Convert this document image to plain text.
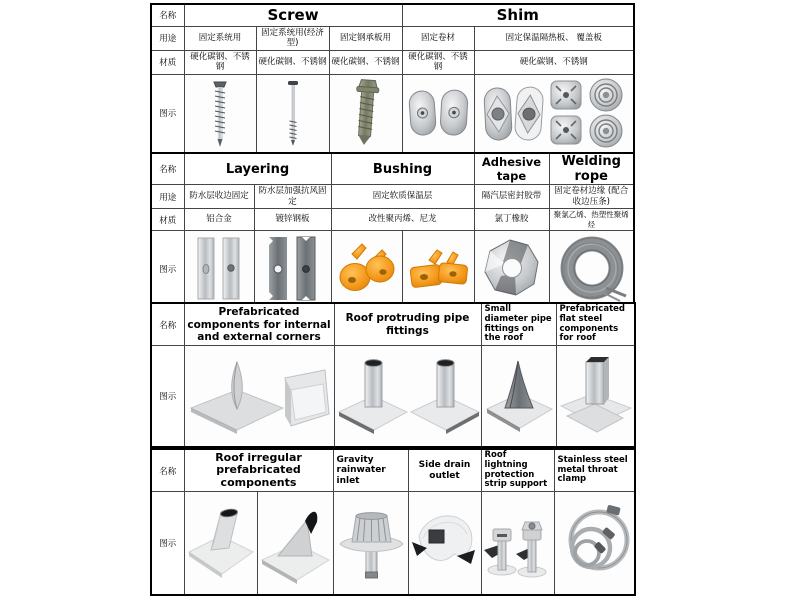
名称	Screw			Shim	
用途	固定系统用	固定系统用(经济型)	固定钢承板用	固定卷材	固定保温隔热板、 覆盖板
材质	硬化碳钢、不锈钢	硬化碳钢、不锈钢	硬化碳钢、不锈钢	硬化碳钢、不锈钢	硬化碳钢、不锈钢
图示	

名称	Layering		Bushing		Adhesive tape	Welding rope
用途	防水层收边固定	防水层加强抗风固定	固定软质保温层		隔汽层密封胶带	固定卷材边缘 (配合收边压条)
材质	铝合金	镀锌钢板	改性聚丙烯、尼龙		氯丁橡胶	聚氯乙烯、热塑性聚烯烃
图示	

名称	Prefabricated components for internal and external corners	Roof protruding pipe fittings	Small diameter pipe fittings on the roof	Prefabricated flat steel components for roof
图示	

名称	Roof irregular prefabricated components		Gravity rainwater inlet	Side drain outlet	Roof lightning protection strip support	Stainless steel metal throat clamp
图示	
